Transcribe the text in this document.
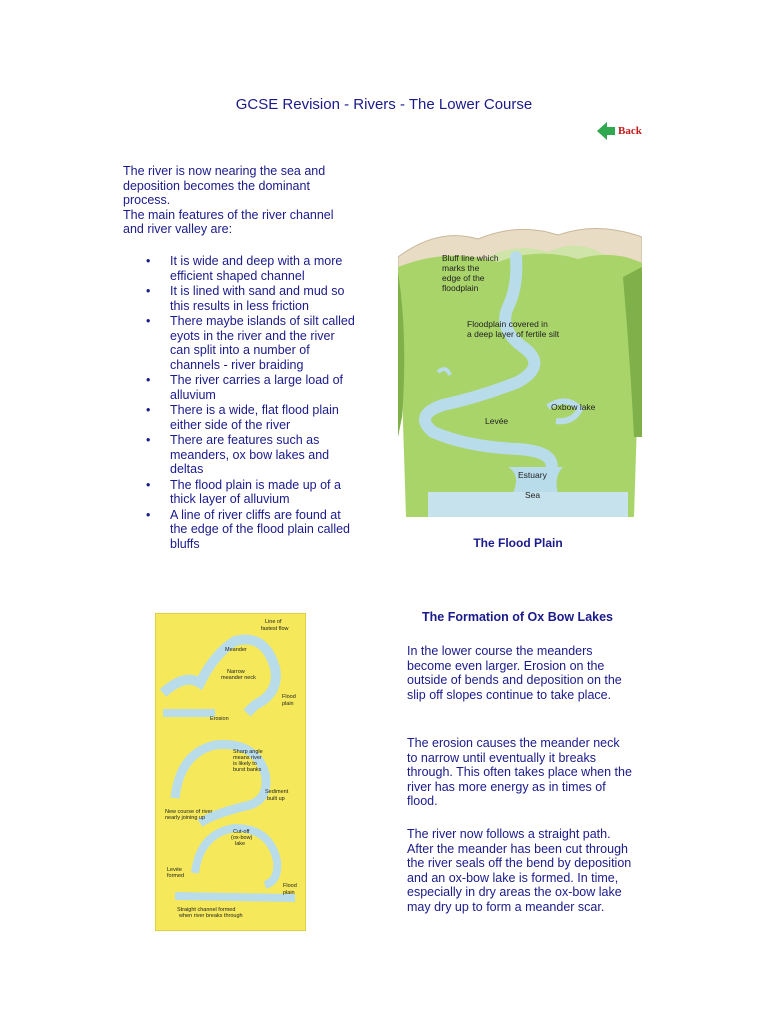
GCSE Revision - Rivers - The Lower Course
Back

The river is now nearing the sea and deposition becomes the dominant process.
The main features of the river channel and river valley are:

• It is wide and deep with a more efficient shaped channel
• It is lined with sand and mud so this results in less friction
• There maybe islands of silt called eyots in the river and the river can split into a number of channels - river braiding
• The river carries a large load of alluvium
• There is a wide, flat flood plain either side of the river
• There are features such as meanders, ox bow lakes and deltas
• The flood plain is made up of a thick layer of alluvium
• A line of river cliffs are found at the edge of the flood plain called bluffs
Bluff line which marks the edge of the floodplain Floodplain covered in a deep layer of fertile silt Oxbow lake Levée Estuary Sea
The Flood Plain
The Formation of Ox Bow Lakes
Line of fastest flow Meander Narrow meander neck Flood plain Erosion Sharp angle means river is likely to burst banks Sediment built up New course of river nearly joining up Cut-off (ox-bow) lake Levée formed Flood plain Straight channel formed when river breaks through

In the lower course the meanders become even larger. Erosion on the outside of bends and deposition on the slip off slopes continue to take place.

The erosion causes the meander neck to narrow until eventually it breaks through. This often takes place when the river has more energy as in times of flood.

The river now follows a straight path. After the meander has been cut through the river seals off the bend by deposition and an ox-bow lake is formed. In time, especially in dry areas the ox-bow lake may dry up to form a meander scar.
